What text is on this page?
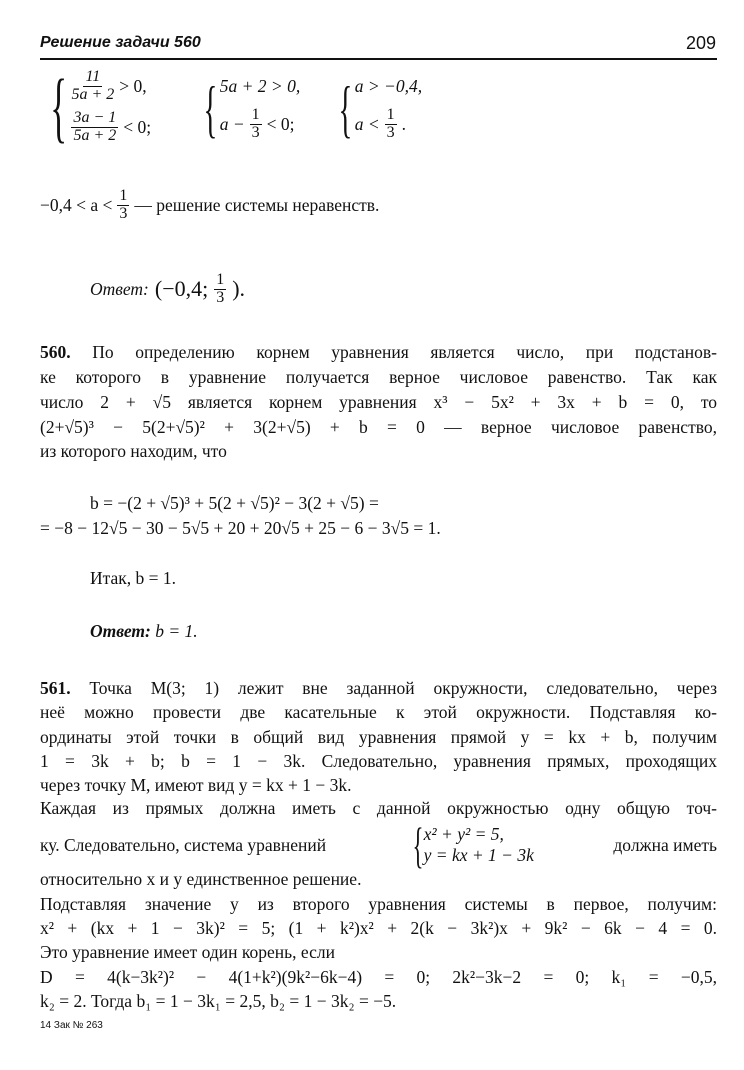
Решение задачи 560	209
{ $\frac{11}{5a + 2} > 0$,
$\frac{3a - 1}{5a + 2} < 0$; { 5a + 2 > 0,
$a - \frac{1}{3} < 0$; { a > −0,4,
$a < \frac{1}{3}$ .
$-0,4 < a < \frac{1}{3}$ — решение системы неравенств.
Ответ: (−0,4; $\frac{1}{3}$ ).
560. По определению корнем уравнения является число, при подстанов-
ке которого в уравнение получается верное числовое равенство. Так как
число 2 + √5 является корнем уравнения x³ − 5x² + 3x + b = 0, то
(2+√5)³ − 5(2+√5)² + 3(2+√5) + b = 0 — верное числовое равенство,
из которого находим, что
b = −(2 + √5)³ + 5(2 + √5)² − 3(2 + √5) =
= −8 − 12√5 − 30 − 5√5 + 20 + 20√5 + 25 − 6 − 3√5 = 1.
Итак, b = 1.
Ответ: b = 1.
561. Точка M(3; 1) лежит вне заданной окружности, следовательно, через
неё можно провести две касательные к этой окружности. Подставляя ко-
ординаты этой точки в общий вид уравнения прямой y = kx + b, получим
1 = 3k + b; b = 1 − 3k. Следовательно, уравнения прямых, проходящих
через точку M, имеют вид y = kx + 1 − 3k.
Каждая из прямых должна иметь с данной окружностью одну общую точ-
ку. Следовательно, система уравнений { x² + y² = 5,
y = kx + 1 − 3k
должна иметь
относительно x и y единственное решение.
Подставляя значение y из второго уравнения системы в первое, получим:
x² + (kx + 1 − 3k)² = 5; (1 + k²)x² + 2(k − 3k²)x + 9k² − 6k − 4 = 0.
Это уравнение имеет один корень, если
D = 4(k−3k²)² − 4(1+k²)(9k²−6k−4) = 0; 2k²−3k−2 = 0; k₁ = −0,5,
k₂ = 2. Тогда b₁ = 1 − 3k₁ = 2,5, b₂ = 1 − 3k₂ = −5.
14 Зак № 263
